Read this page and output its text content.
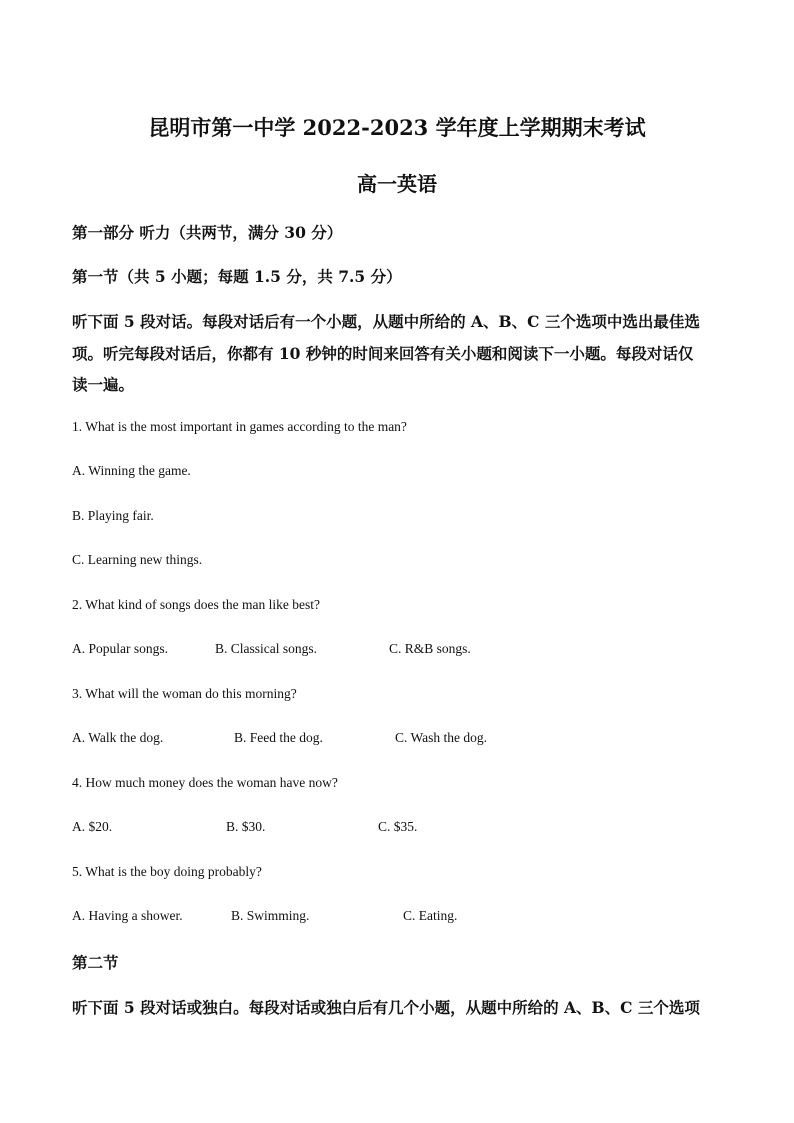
昆明市第一中学 2022-2023 学年度上学期期末考试
高一英语
第一部分 听力（共两节，满分 30 分）
第一节（共 5 小题；每题 1.5 分，共 7.5 分）
听下面 5 段对话。每段对话后有一个小题，从题中所给的 A、B、C 三个选项中选出最佳选
项。听完每段对话后，你都有 10 秒钟的时间来回答有关小题和阅读下一小题。每段对话仅
读一遍。
1. What is the most important in games according to the man?
A. Winning the game.
B. Playing fair.
C. Learning new things.
2. What kind of songs does the man like best?
A. Popular songs.	B. Classical songs.	C. R&B songs.
3. What will the woman do this morning?
A. Walk the dog.	B. Feed the dog.	C. Wash the dog.
4. How much money does the woman have now?
A. $20.	B. $30.	C. $35.
5. What is the boy doing probably?
A. Having a shower.	B. Swimming.	C. Eating.
第二节
听下面 5 段对话或独白。每段对话或独白后有几个小题，从题中所给的 A、B、C 三个选项
